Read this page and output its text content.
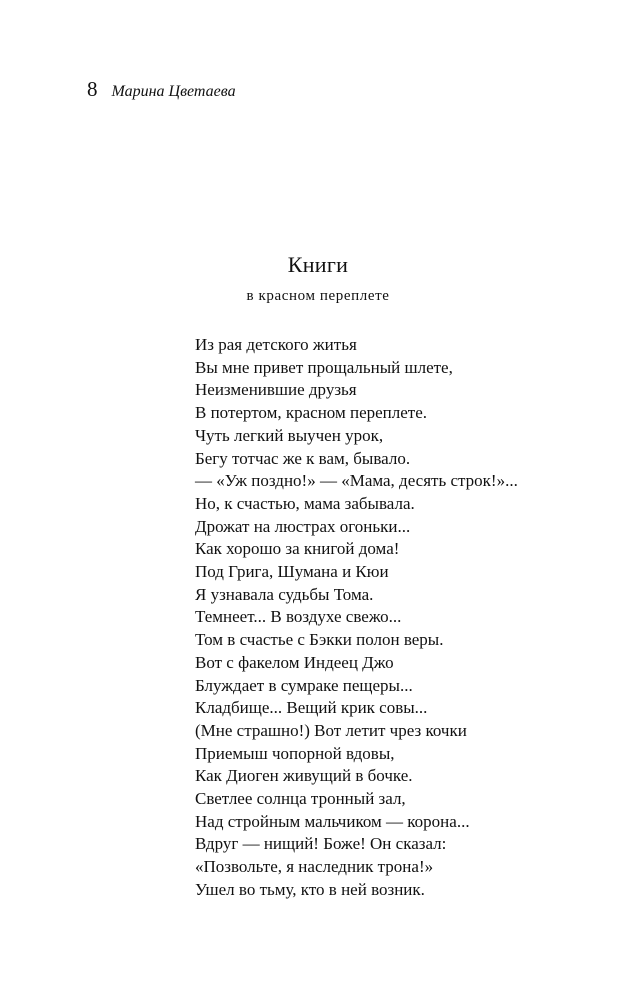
8 Марина Цветаева
Книги
в красном переплете
Из рая детского житья
Вы мне привет прощальный шлете,
Неизменившие друзья
В потертом, красном переплете.
Чуть легкий выучен урок,
Бегу тотчас же к вам, бывало.
— «Уж поздно!» — «Мама, десять строк!»...
Но, к счастью, мама забывала.
Дрожат на люстрах огоньки...
Как хорошо за книгой дома!
Под Грига, Шумана и Кюи
Я узнавала судьбы Тома.
Темнеет... В воздухе свежо...
Том в счастье с Бэкки полон веры.
Вот с факелом Индеец Джо
Блуждает в сумраке пещеры...
Кладбище... Вещий крик совы...
(Мне страшно!) Вот летит чрез кочки
Приемыш чопорной вдовы,
Как Диоген живущий в бочке.
Светлее солнца тронный зал,
Над стройным мальчиком — корона...
Вдруг — нищий! Боже! Он сказал:
«Позвольте, я наследник трона!»
Ушел во тьму, кто в ней возник.
